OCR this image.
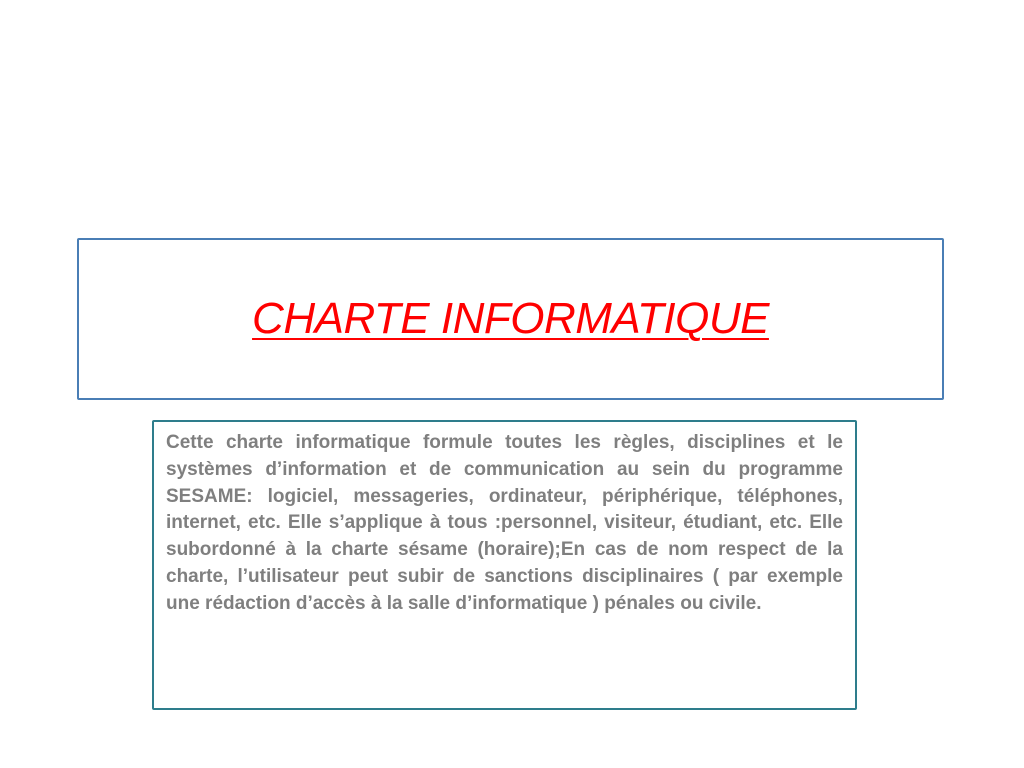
CHARTE INFORMATIQUE

Cette charte informatique formule toutes les règles, disciplines et le systèmes d’information et de communication au sein du programme SESAME: logiciel, messageries, ordinateur, périphérique, téléphones, internet, etc. Elle s’applique à tous :personnel, visiteur, étudiant, etc. Elle subordonné à la charte sésame (horaire);En cas de nom respect de la charte, l’utilisateur peut subir de sanctions disciplinaires ( par exemple une rédaction d’accès à la salle d’informatique ) pénales ou civile.
